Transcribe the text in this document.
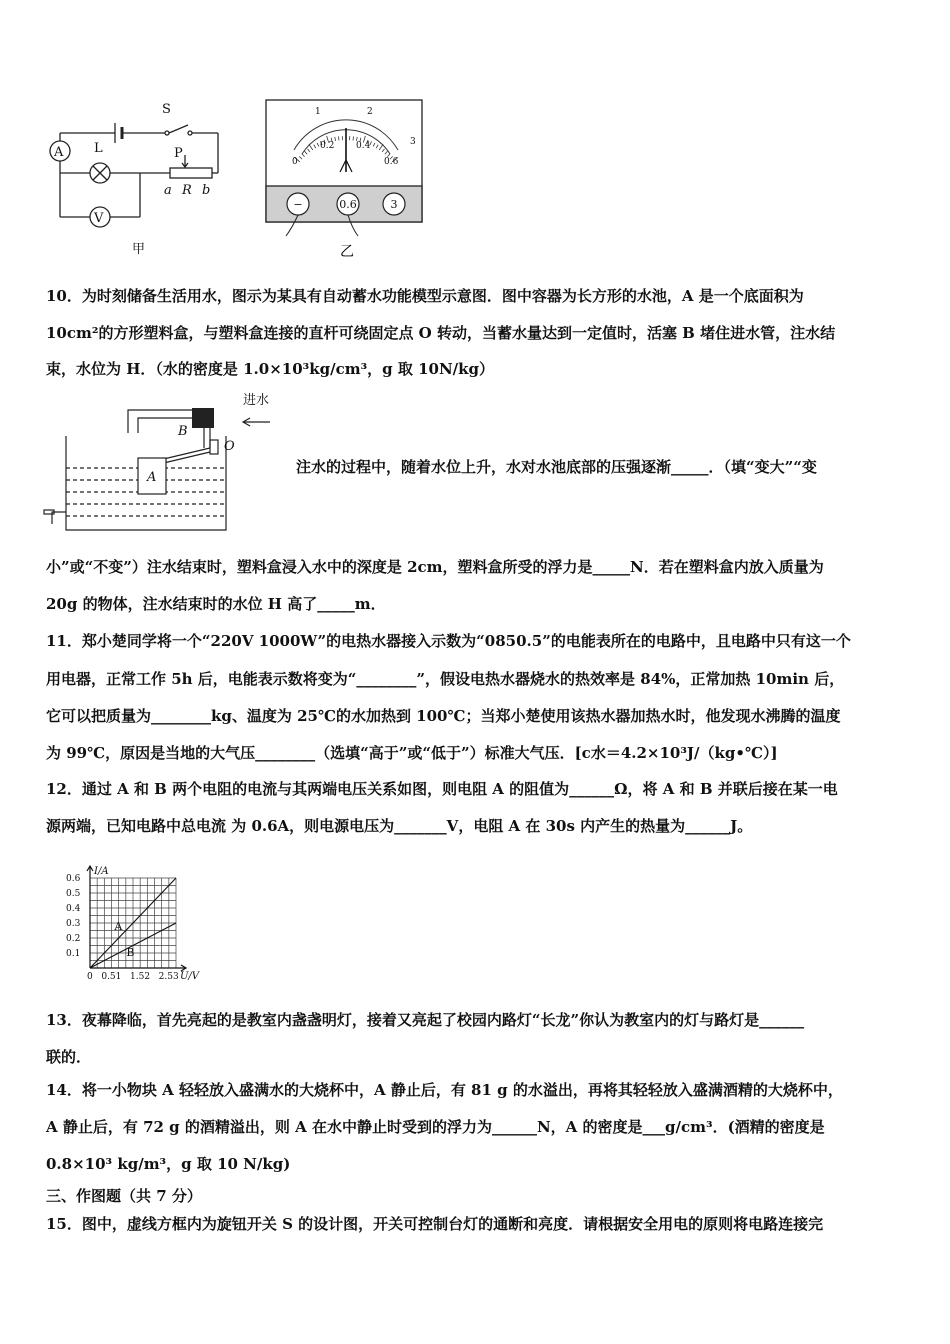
A L
V
S
P
a R b
甲
1	2
3
0
0.2 0.4
0.6
−	0.6	3
乙
10．为时刻储备生活用水，图示为某具有自动蓄水功能模型示意图．图中容器为长方形的水池，A 是一个底面积为
10cm²的方形塑料盒，与塑料盒连接的直杆可绕固定点 O 转动，当蓄水量达到一定值时，活塞 B 堵住进水管，注水结
束，水位为 H．（水的密度是 1.0×10³kg/cm³，g 取 10N/kg）
进水
B
O
A
注水的过程中，随着水位上升，水对水池底部的压强逐渐_____．（填“变大”“变
小”或“不变”）注水结束时，塑料盒浸入水中的深度是 2cm，塑料盒所受的浮力是_____N．若在塑料盒内放入质量为
20g 的物体，注水结束时的水位 H 高了_____m．
11．郑小楚同学将一个“220V 1000W”的电热水器接入示数为“0850.5”的电能表所在的电路中，且电路中只有这一个
用电器，正常工作 5h 后，电能表示数将变为“________”，假设电热水器烧水的热效率是 84%，正常加热 10min 后，
它可以把质量为________kg、温度为 25℃的水加热到 100℃；当郑小楚使用该热水器加热水时，他发现水沸腾的温度
为 99℃，原因是当地的大气压________（选填“高于”或“低于”）标准大气压．[c水＝4.2×10³J/（kg•℃）]
12．通过 A 和 B 两个电阻的电流与其两端电压关系如图，则电阻 A 的阻值为______Ω，将 A 和 B 并联后接在某一电
源两端，已知电路中总电流 为 0.6A，则电源电压为_______V，电阻 A 在 30s 内产生的热量为______J。
A
B
0.1
0.2
0.3
0.4
0.5
0.6
0 0.5 1 1.5 2 2.5 3
I/A
U/V
13．夜幕降临，首先亮起的是教室内盏盏明灯，接着又亮起了校园内路灯“长龙”你认为教室内的灯与路灯是______
联的．
14．将一小物块 A 轻轻放入盛满水的大烧杯中，A 静止后，有 81 g 的水溢出，再将其轻轻放入盛满酒精的大烧杯中，
A 静止后，有 72 g 的酒精溢出，则 A 在水中静止时受到的浮力为______N，A 的密度是___g/cm³．(酒精的密度是
0.8×10³ kg/m³，g 取 10 N/kg)
三、作图题（共 7 分）
15．图中，虚线方框内为旋钮开关 S 的设计图，开关可控制台灯的通断和亮度．请根据安全用电的原则将电路连接完
